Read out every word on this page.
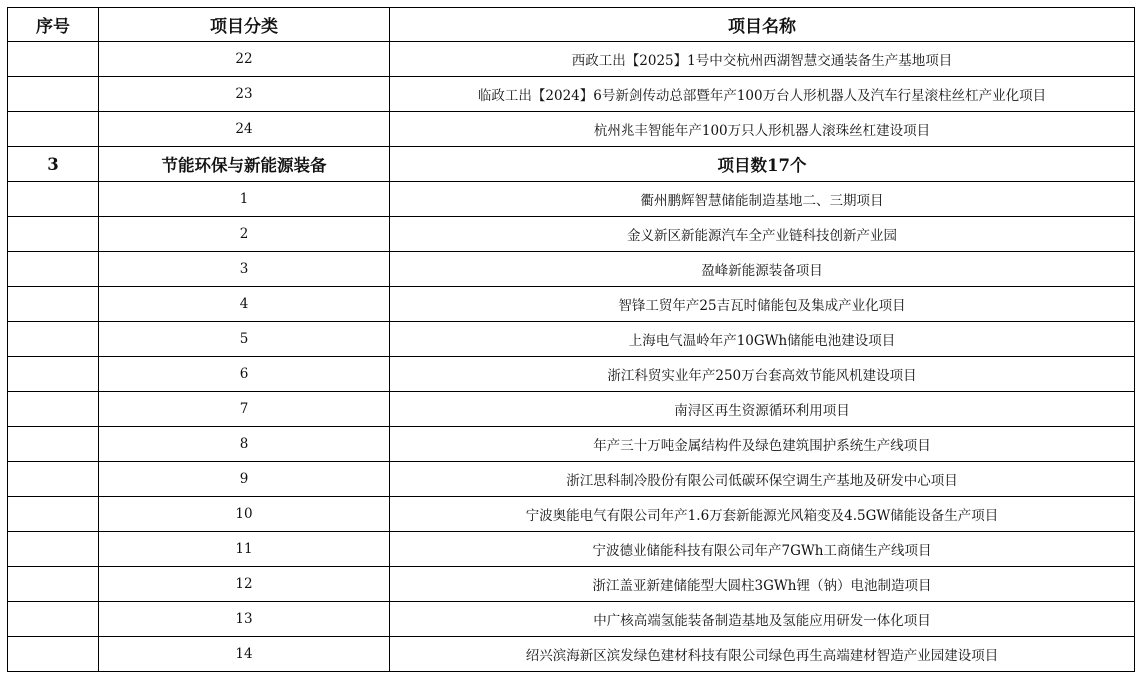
序号	项目分类	项目名称
	22	西政工出【2025】1号中交杭州西湖智慧交通装备生产基地项目
	23	临政工出【2024】6号新剑传动总部暨年产100万台人形机器人及汽车行星滚柱丝杠产业化项目
	24	杭州兆丰智能年产100万只人形机器人滚珠丝杠建设项目
3	节能环保与新能源装备	项目数17个
	1	衢州鹏辉智慧储能制造基地二、三期项目
	2	金义新区新能源汽车全产业链科技创新产业园
	3	盈峰新能源装备项目
	4	智锋工贸年产25吉瓦时储能包及集成产业化项目
	5	上海电气温岭年产10GWh储能电池建设项目
	6	浙江科贸实业年产250万台套高效节能风机建设项目
	7	南浔区再生资源循环利用项目
	8	年产三十万吨金属结构件及绿色建筑围护系统生产线项目
	9	浙江思科制冷股份有限公司低碳环保空调生产基地及研发中心项目
	10	宁波奥能电气有限公司年产1.6万套新能源光风箱变及4.5GW储能设备生产项目
	11	宁波德业储能科技有限公司年产7GWh工商储生产线项目
	12	浙江盖亚新建储能型大圆柱3GWh锂（钠）电池制造项目
	13	中广核高端氢能装备制造基地及氢能应用研发一体化项目
	14	绍兴滨海新区滨发绿色建材科技有限公司绿色再生高端建材智造产业园建设项目
